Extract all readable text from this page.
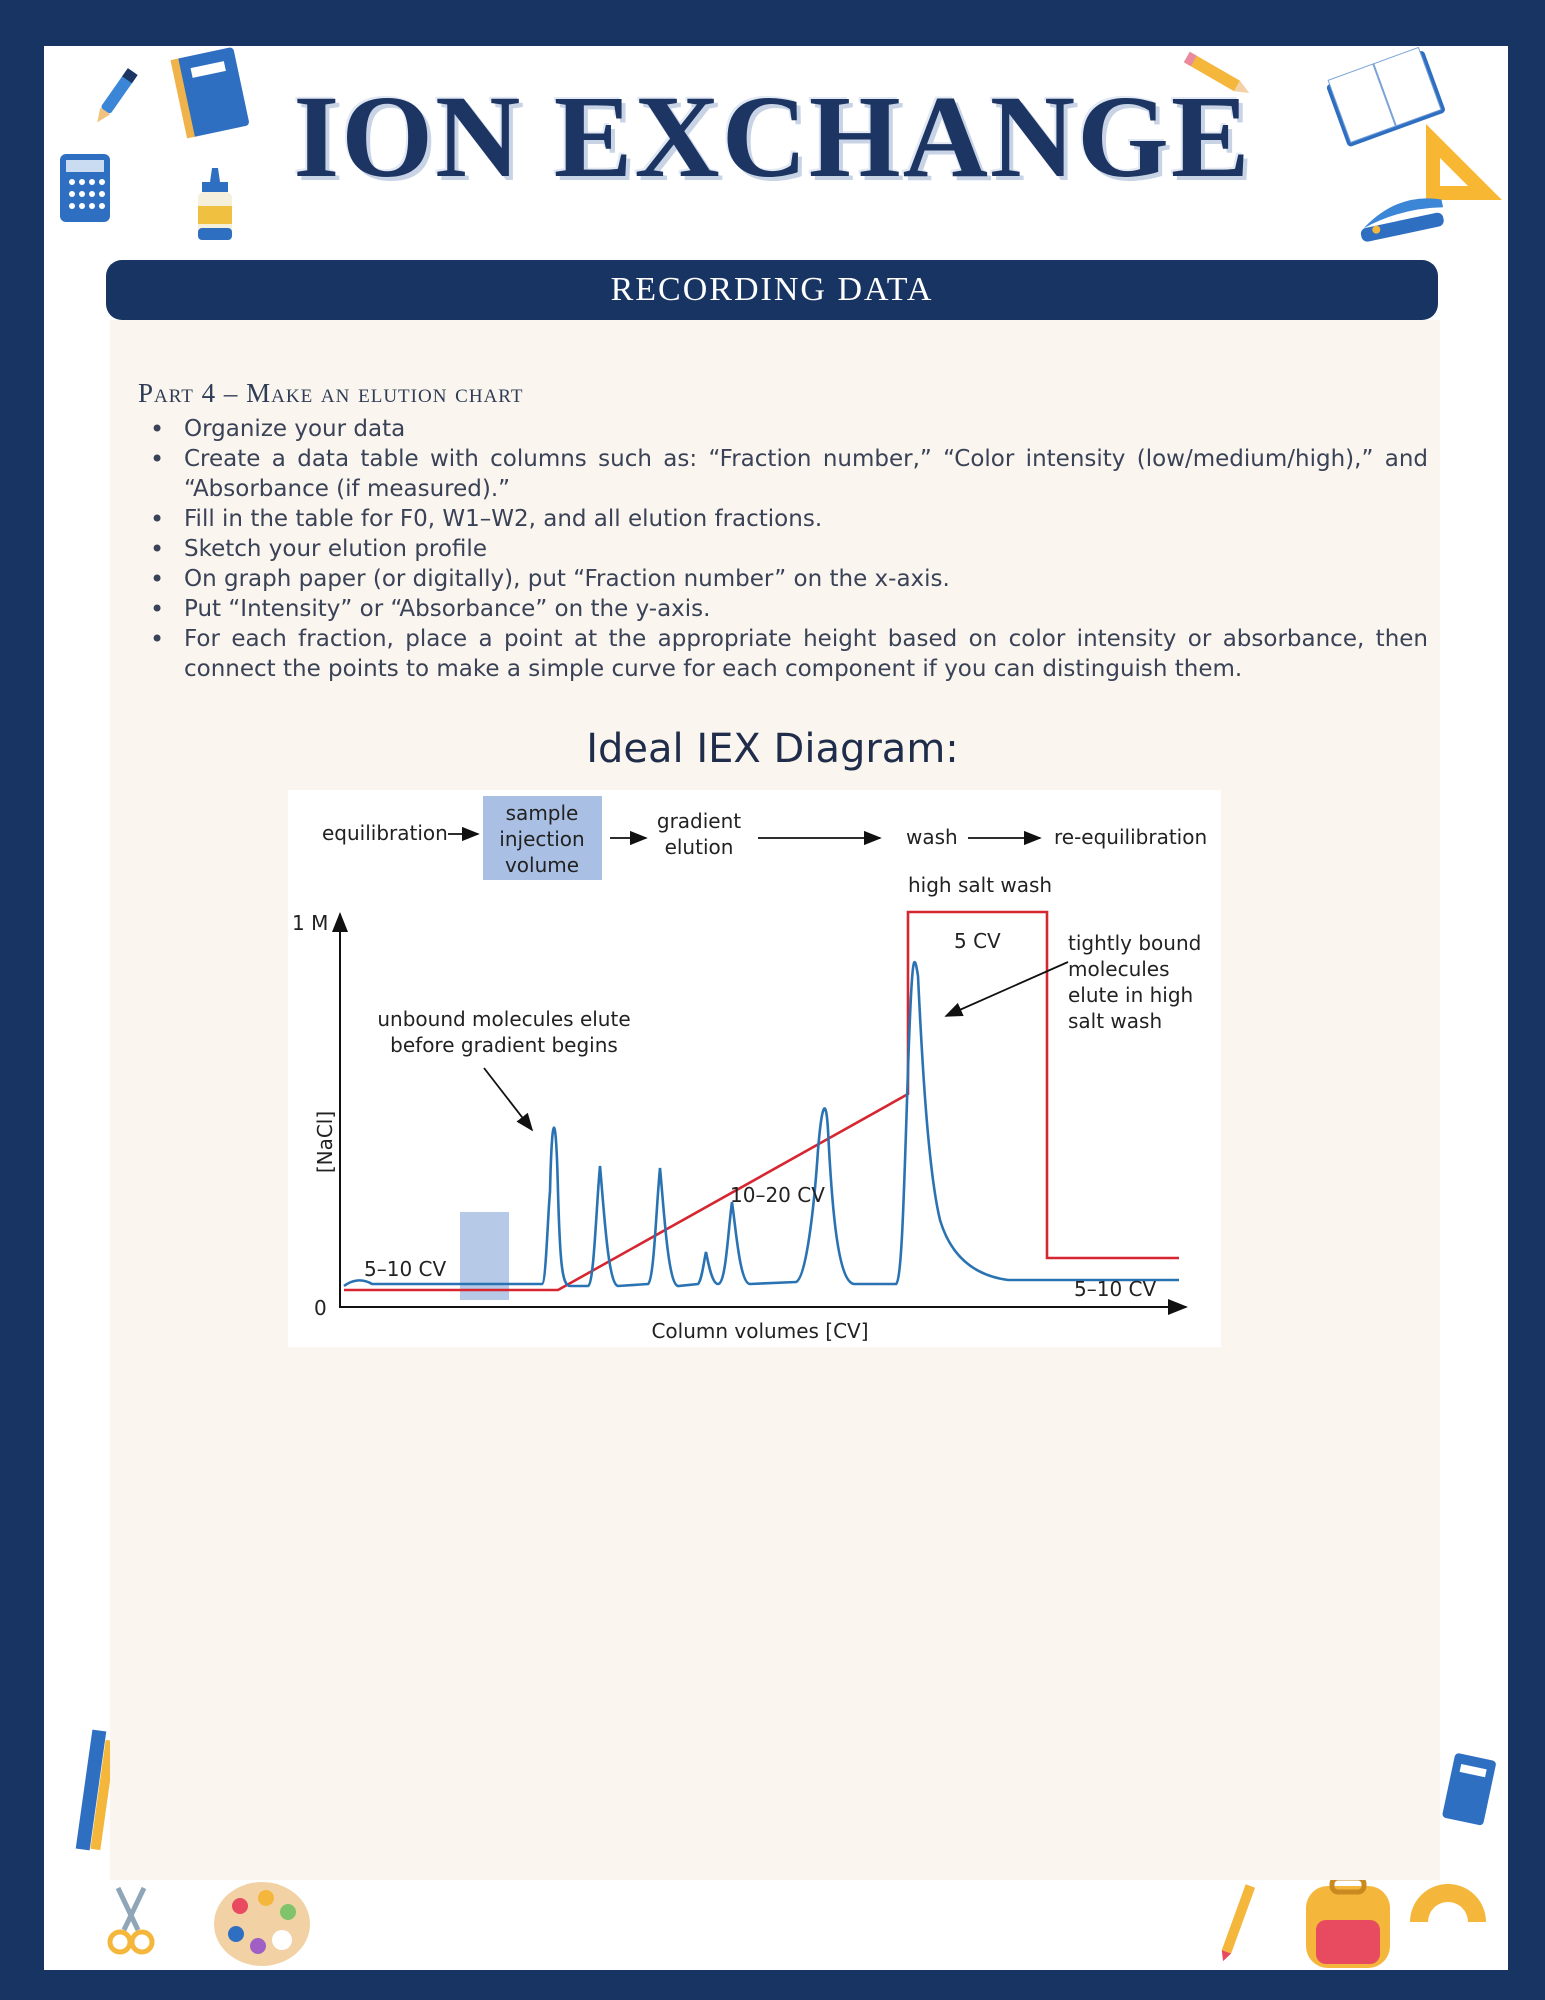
ION EXCHANGE
RECORDING DATA
Part 4 – Make an elution chart
• Organize your data
• Create a data table with columns such as: “Fraction number,” “Color intensity (low/medium/high),” and “Absorbance (if measured).”
• Fill in the table for F0, W1–W2, and all elution fractions.
• Sketch your elution profile
• On graph paper (or digitally), put “Fraction number” on the x-axis.
• Put “Intensity” or “Absorbance” on the y-axis.
• For each fraction, place a point at the appropriate height based on color intensity or absorbance, then connect the points to make a simple curve for each component if you can distinguish them.
Ideal IEX Diagram:
equilibration
sample
injection
volume
gradient
elution	wash	re-equilibration
1 M
0
[NaCl]
Column volumes [CV]
high salt wash
5 CV	tightly bound
molecules
elute in high
salt wash
unbound molecules elute
before gradient begins
5–10 CV
10–20 CV
5–10 CV
